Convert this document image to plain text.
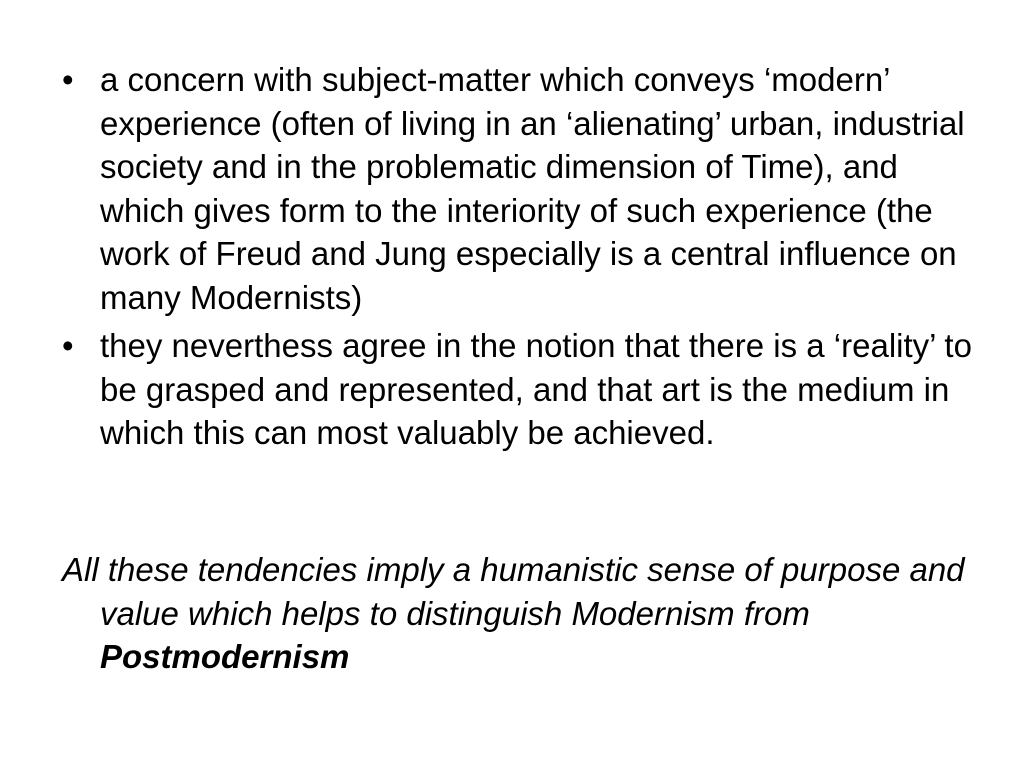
• a concern with subject-matter which conveys ‘modern’ experience (often of living in an ‘alienating’ urban, industrial society and in the problematic dimension of Time), and which gives form to the interiority of such experience (the work of Freud and Jung especially is a central influence on many Modernists)
• they neverthess agree in the notion that there is a ‘reality’ to be grasped and represented, and that art is the medium in which this can most valuably be achieved.

All these tendencies imply a humanistic sense of purpose and value which helps to distinguish Modernism from Postmodernism
